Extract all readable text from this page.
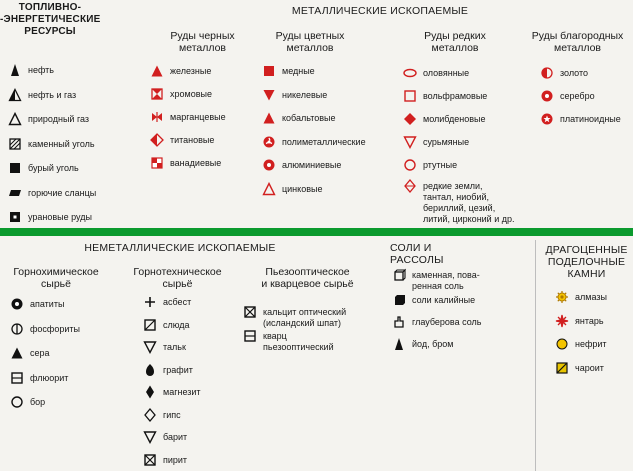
ТОПЛИВНО-
-ЭНЕРГЕТИЧЕСКИЕ
РЕСУРСЫ
МЕТАЛЛИЧЕСКИЕ ИСКОПАЕМЫЕ
Руды черных
металлов
Руды цветных
металлов
Руды редких
металлов
Руды благородных
металлов
нефть
нефть и газ
природный газ
каменный уголь
бурый уголь
горючие сланцы
урановые руды
железные
хромовые
марганцевые
титановые
ванадиевые
медные
никелевые
кобальтовые
полиметаллические
алюминиевые
цинковые
оловянные
вольфрамовые
молибденовые
сурьмяные
ртутные
редкие земли,
тантал, ниобий,
бериллий, цезий,
литий, цирконий и др.
золото
серебро
платиноидные
НЕМЕТАЛЛИЧЕСКИЕ ИСКОПАЕМЫЕ
Горнохимическое
сырьё
Горнотехническое
сырьё
Пьезооптическое
и кварцевое сырьё
СОЛИ И
РАССОЛЫ
ДРАГОЦЕННЫЕ
ПОДЕЛОЧНЫЕ
КАМНИ
апатиты
фосфориты
сера
флюорит
бор
асбест
слюда
тальк
графит
магнезит
гипс
барит
пирит
кальцит оптический
(исландский шпат)
кварц
пьезооптический
каменная, пова-
ренная соль
соли калийные
глауберова соль
йод, бром
алмазы
янтарь
нефрит
чароит
